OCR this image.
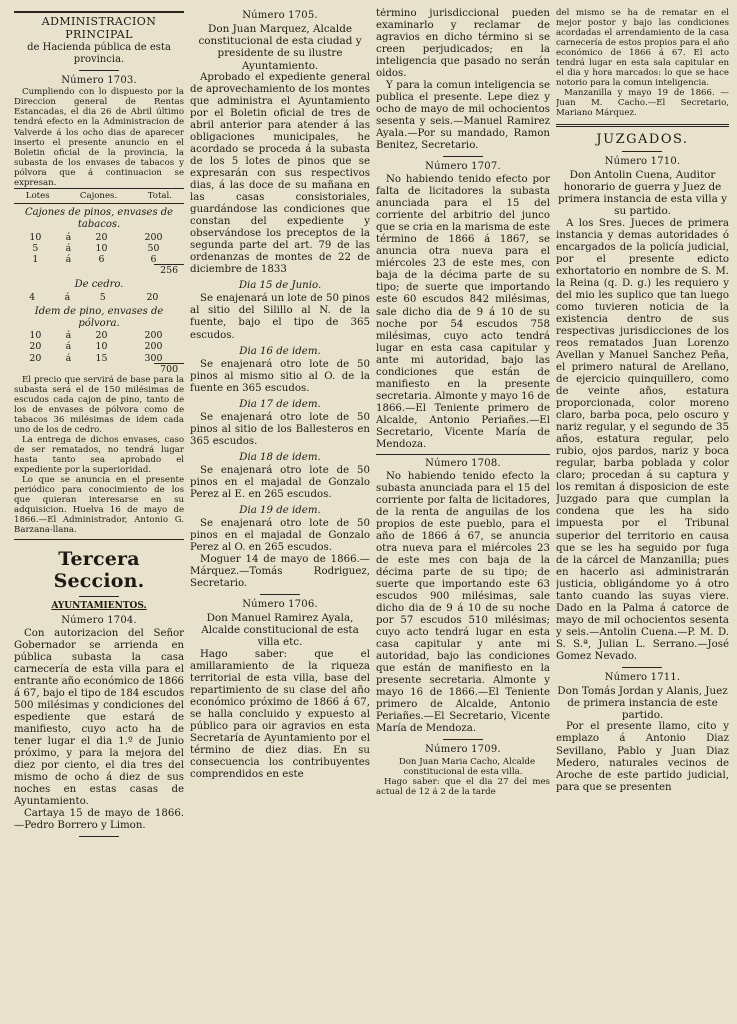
ADMINISTRACION PRINCIPAL
de Hacienda pública de esta provincia.
Número 1703.

Cumpliendo con lo dispuesto por la Direccion general de Rentas Estancadas, el dia 26 de Abril último tendrá efecto en la Administracion de Valverde á los ocho dias de aparecer inserto el presente anuncio en el Boletin oficial de la provincia, la subasta de los envases de tabacos y pólvora que á continuacion se expresan.

Lotes	Cajones.	Total.
Cajones de pinos, envases de tabacos.
10	á	20	200
5	á	10	50
1	á	6	6
256
De cedro.
4	á	5	20
Idem de pino, envases de pólvora.
10	á	20	200
20	á	10	200
20	á	15	300
700

El precio que servirá de base para la subasta será el de 150 milésimas de escudos cada cajon de pino, tanto de los de envases de pólvora como de tabacos 36 milésimas de idem cada uno de los de cedro.

La entrega de dichos envases, caso de ser rematados, no tendrá lugar hasta tanto sea aprobado el expediente por la superioridad.

Lo que se anuncia en el presente periódico para conocimiento de los que quieran interesarse en su adquisicion. Huelva 16 de mayo de 1866.—El Administrador, Antonio G. Barzana-llana.

Tercera Seccion.
AYUNTAMIENTOS.
Número 1704.

Con autorizacion del Señor Gobernador se arrienda en pública subasta la casa carnecería de esta villa para el entrante año económico de 1866 á 67, bajo el tipo de 184 escudos 500 milésimas y condiciones del espediente que estará de manifiesto, cuyo acto ha de tener lugar el dia 1.º de Junio próximo, y para la mejora del diez por ciento, el dia tres del mismo de ocho á diez de sus noches en estas casas de Ayuntamiento.

Cartaya 15 de mayo de 1866.—Pedro Borrero y Limon.

Número 1705.

Don Juan Marquez, Alcalde constitucional de esta ciudad y presidente de su ilustre Ayuntamiento.

Aprobado el expediente general de aprovechamiento de los montes que administra el Ayuntamiento por el Boletin oficial de tres de abril anterior para atender á las obligaciones municipales, he acordado se proceda á la subasta de los 5 lotes de pinos que se expresarán con sus respectivos dias, á las doce de su mañana en las casas consistoriales, guardándose las condiciones que constan del expediente y observándose los preceptos de la segunda parte del art. 79 de las ordenanzas de montes de 22 de diciembre de 1833

Dia 15 de Junio.

Se enajenará un lote de 50 pinos al sitio del Silillo al N. de la fuente, bajo el tipo de 365 escudos.

Dia 16 de idem.

Se enajenará otro lote de 50 pinos al mismo sitio al O. de la fuente en 365 escudos.

Dia 17 de idem.

Se enajenará otro lote de 50 pinos al sitio de los Ballesteros en 365 escudos.

Dia 18 de idem.

Se enajenará otro lote de 50 pinos en el majadal de Gonzalo Perez al E. en 265 escudos.

Dia 19 de idem.

Se enajenará otro lote de 50 pinos en el majadal de Gonzalo Perez al O. en 265 escudos.

Moguer 14 de mayo de 1866.—Márquez.—Tomás Rodriguez, Secretario.

Número 1706.

Don Manuel Ramirez Ayala, Alcalde constitucional de esta villa etc.

Hago saber: que el amillaramiento de la riqueza territorial de esta villa, base del repartimiento de su clase del año económico próximo de 1866 á 67, se halla concluido y expuesto al público para oir agravios en esta Secretaría de Ayuntamiento por el término de diez dias. En su consecuencia los contribuyentes comprendidos en este

término jurisdiccional pueden examinarlo y reclamar de agravios en dicho término si se creen perjudicados; en la inteligencia que pasado no serán oidos.

Y para la comun inteligencia se publica el presente. Lepe diez y ocho de mayo de mil ochocientos sesenta y seis.—Manuel Ramirez Ayala.—Por su mandado, Ramon Benitez, Secretario.

Número 1707.

No habiendo tenido efecto por falta de licitadores la subasta anunciada para el 15 del corriente del arbitrio del junco que se cria en la marisma de este término de 1866 á 1867, se anuncia otra nueva para el miércoles 23 de este mes, con baja de la décima parte de su tipo; de suerte que importando este 60 escudos 842 milésimas, sale dicho dia de 9 á 10 de su noche por 54 escudos 758 milésimas, cuyo acto tendrá lugar en esta casa capitular y ante mi autoridad, bajo las condiciones que están de manifiesto en la presente secretaria. Almonte y mayo 16 de 1866.—El Teniente primero de Alcalde, Antonio Periañes.—El Secretario, Vicente María de Mendoza.

Número 1708.

No habiendo tenido efecto la subasta anunciada para el 15 del corriente por falta de licitadores, de la renta de anguilas de los propios de este pueblo, para el año de 1866 á 67, se anuncia otra nueva para el miércoles 23 de este mes con baja de la décima parte de su tipo; de suerte que importando este 63 escudos 900 milésimas, sale dicho dia de 9 á 10 de su noche por 57 escudos 510 milésimas; cuyo acto tendrá lugar en esta casa capitular y ante mi autoridad, bajo las condiciones que están de manifiesto en la presente secretaria. Almonte y mayo 16 de 1866.—El Teniente primero de Alcalde, Antonio Periañes.—El Secretario, Vicente María de Mendoza.

Número 1709.

Don Juan Maria Cacho, Alcalde constitucional de esta villa.

Hago saber: que el dia 27 del mes actual de 12 á 2 de la tarde

del mismo se ha de rematar en el mejor postor y bajo las condiciones acordadas el arrendamiento de la casa carnecería de estos propios para el año económico de 1866 á 67. El acto tendrá lugar en esta sala capitular en el dia y hora marcados: lo que se hace notorio para la comun inteligencia.

Manzanilla y mayo 19 de 1866. —Juan M. Cacho.—El Secretario, Mariano Márquez.

JUZGADOS.
Número 1710.

Don Antolin Cuena, Auditor honorario de guerra y Juez de primera instancia de esta villa y su partido.

A los Sres. Jueces de primera instancia y demas autoridades ó encargados de la policía judicial, por el presente edicto exhortatorio en nombre de S. M. la Reina (q. D. g.) les requiero y del mio les suplico que tan luego como tuvieren noticia de la existencia dentro de sus respectivas jurisdicciones de los reos rematados Juan Lorenzo Avellan y Manuel Sanchez Peña, el primero natural de Arellano, de ejercicio quinquillero, como de veinte años, estatura proporcionada, color moreno claro, barba poca, pelo oscuro y nariz regular, y el segundo de 35 años, estatura regular, pelo rubio, ojos pardos, nariz y boca regular, barba poblada y color claro; procedan á su captura y los remitan á disposicion de este Juzgado para que cumplan la condena que les ha sido impuesta por el Tribunal superior del territorio en causa que se les ha seguido por fuga de la cárcel de Manzanilla; pues en hacerlo asi administrarán justicia, obligándome yo á otro tanto cuando las suyas viere. Dado en la Palma á catorce de mayo de mil ochocientos sesenta y seis.—Antolin Cuena.—P. M. D. S. S.ª, Julian L. Serrano.—José Gomez Nevado.

Número 1711.

Don Tomás Jordan y Alanis, Juez de primera instancia de este partido.

Por el presente llamo, cito y emplazo á Antonio Diaz Sevillano, Pablo y Juan Diaz Medero, naturales vecinos de Aroche de este partido judicial, para que se presenten
